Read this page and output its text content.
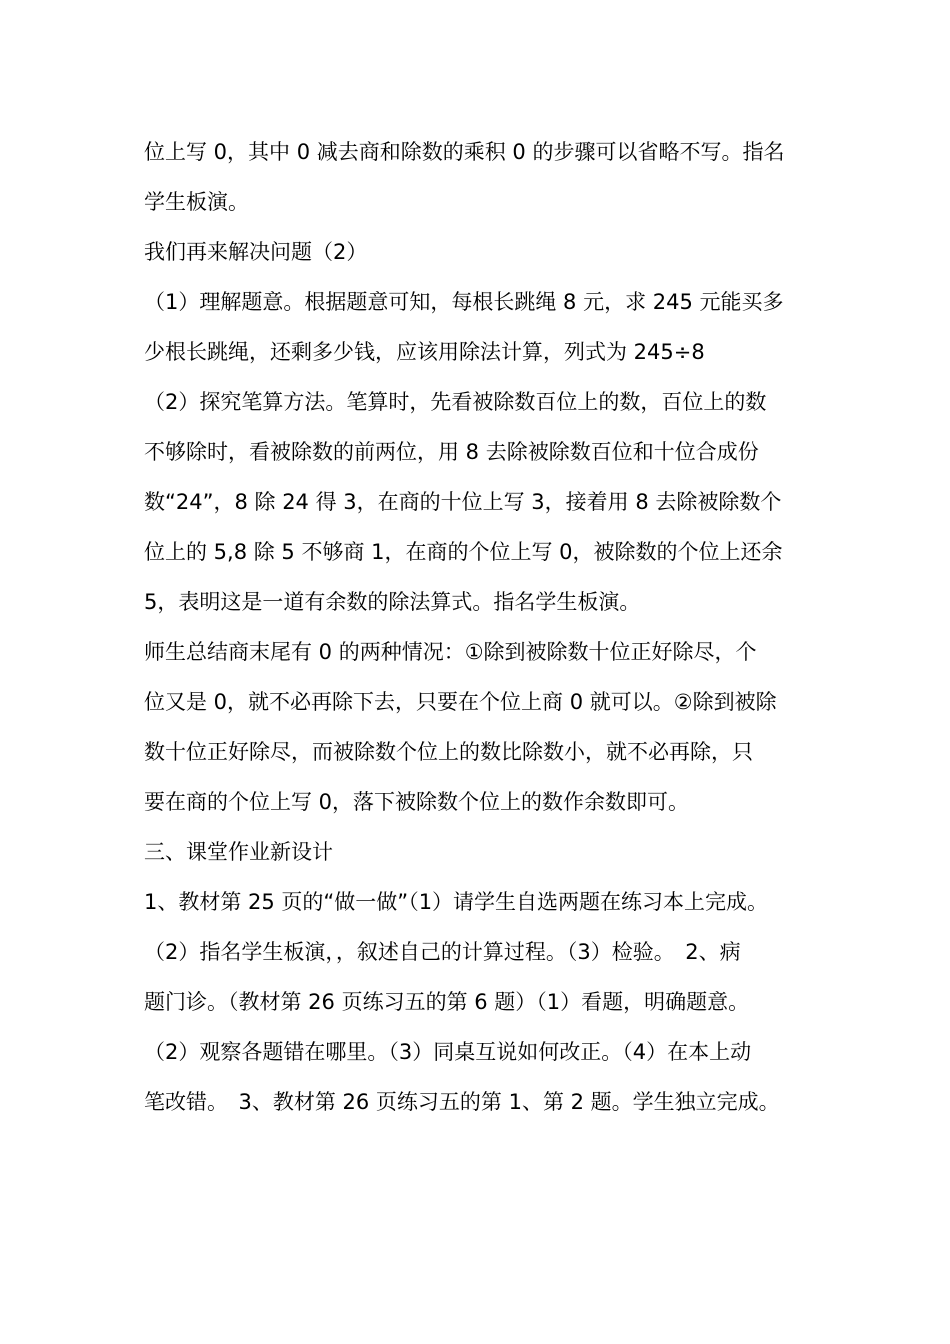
位上写 0，其中 0 减去商和除数的乘积 0 的步骤可以省略不写。指名
学生板演。
我们再来解决问题（2）
（1）理解题意。根据题意可知，每根长跳绳 8 元，求 245 元能买多
少根长跳绳，还剩多少钱，应该用除法计算，列式为 245÷8
（2）探究笔算方法。笔算时，先看被除数百位上的数，百位上的数
不够除时，看被除数的前两位，用 8 去除被除数百位和十位合成份
数“24”，8 除 24 得 3，在商的十位上写 3，接着用 8 去除被除数个
位上的 5,8 除 5 不够商 1，在商的个位上写 0，被除数的个位上还余
5，表明这是一道有余数的除法算式。指名学生板演。
师生总结商末尾有 0 的两种情况：①除到被除数十位正好除尽，个
位又是 0，就不必再除下去，只要在个位上商 0 就可以。②除到被除
数十位正好除尽，而被除数个位上的数比除数小，就不必再除，只
要在商的个位上写 0，落下被除数个位上的数作余数即可。
三、课堂作业新设计
1、教材第 25 页的“做一做”（1）请学生自选两题在练习本上完成。
（2）指名学生板演，，叙述自己的计算过程。（3）检验。　2、病
题门诊。（教材第 26 页练习五的第 6 题）（1）看题，明确题意。
（2）观察各题错在哪里。（3）同桌互说如何改正。（4）在本上动
笔改错。　3、教材第 26 页练习五的第 1、第 2 题。学生独立完成。
